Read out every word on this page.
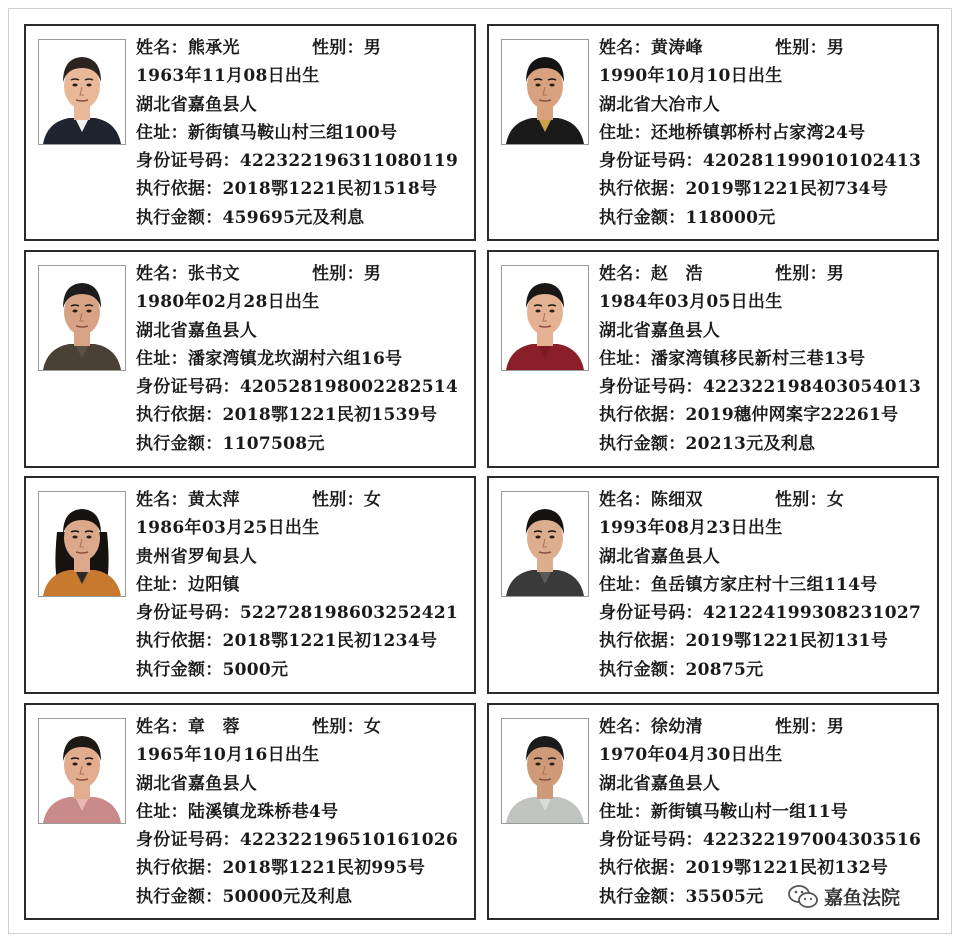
姓名： 熊承光	性别：男
1963年11月08日出生
湖北省嘉鱼县人
住址：新街镇马鞍山村三组100号
身份证号码：422322196311080119
执行依据：2018鄂1221民初1518号
执行金额：459695元及利息
姓名： 黄涛峰	性别：男
1990年10月10日出生
湖北省大冶市人
住址：还地桥镇郭桥村占家湾24号
身份证号码：420281199010102413
执行依据：2019鄂1221民初734号
执行金额：118000元
姓名： 张书文	性别：男
1980年02月28日出生
湖北省嘉鱼县人
住址：潘家湾镇龙坎湖村六组16号
身份证号码：420528198002282514
执行依据：2018鄂1221民初1539号
执行金额：1107508元
姓名： 赵　浩	性别：男
1984年03月05日出生
湖北省嘉鱼县人
住址：潘家湾镇移民新村三巷13号
身份证号码：422322198403054013
执行依据：2019穗仲网案字22261号
执行金额：20213元及利息
姓名： 黄太萍	性别：女
1986年03月25日出生
贵州省罗甸县人
住址：边阳镇
身份证号码：522728198603252421
执行依据：2018鄂1221民初1234号
执行金额：5000元
姓名： 陈细双	性别：女
1993年08月23日出生
湖北省嘉鱼县人
住址：鱼岳镇方家庄村十三组114号
身份证号码：421224199308231027
执行依据：2019鄂1221民初131号
执行金额：20875元
姓名： 章　蓉	性别：女
1965年10月16日出生
湖北省嘉鱼县人
住址：陆溪镇龙珠桥巷4号
身份证号码：422322196510161026
执行依据：2018鄂1221民初995号
执行金额：50000元及利息
姓名： 徐幼清	性别：男
1970年04月30日出生
湖北省嘉鱼县人
住址：新街镇马鞍山村一组11号
身份证号码：422322197004303516
执行依据：2019鄂1221民初132号
执行金额：35505元	嘉鱼法院
